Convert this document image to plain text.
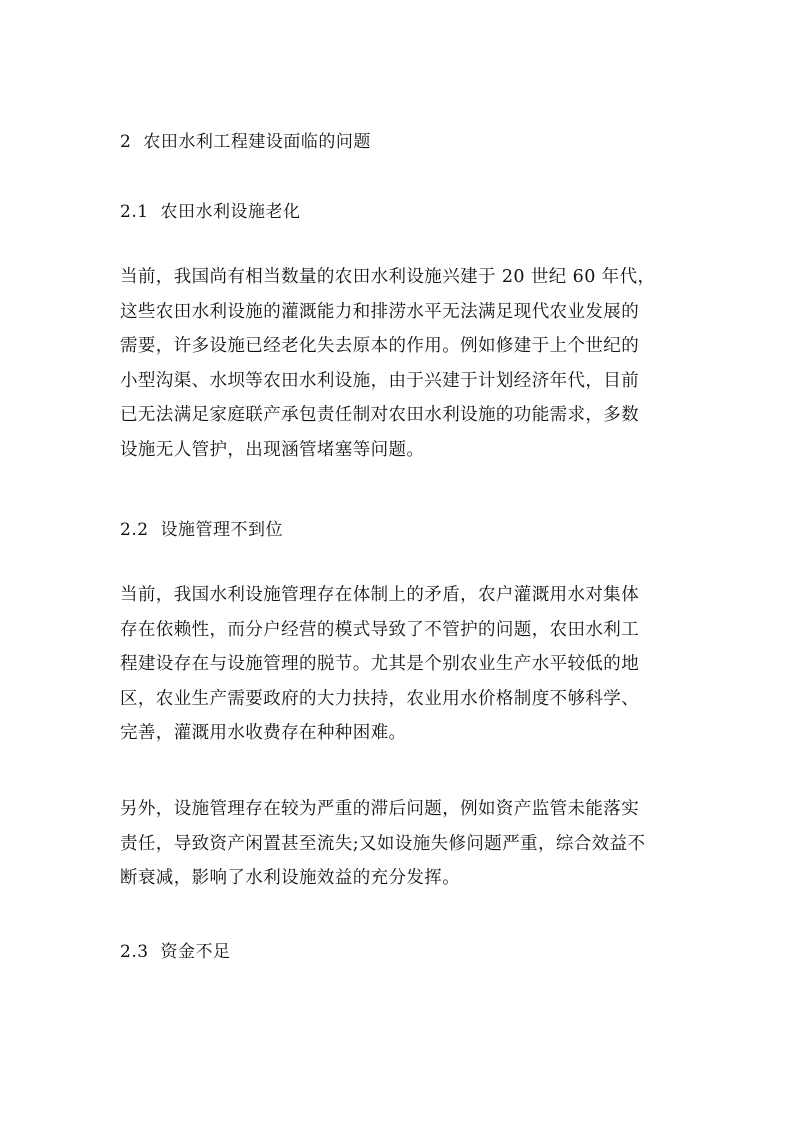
2 农田水利工程建设面临的问题
2.1 农田水利设施老化
当前，我国尚有相当数量的农田水利设施兴建于 20 世纪 60 年代，
这些农田水利设施的灌溉能力和排涝水平无法满足现代农业发展的
需要，许多设施已经老化失去原本的作用。例如修建于上个世纪的
小型沟渠、水坝等农田水利设施，由于兴建于计划经济年代，目前
已无法满足家庭联产承包责任制对农田水利设施的功能需求，多数
设施无人管护，出现涵管堵塞等问题。
2.2 设施管理不到位
当前，我国水利设施管理存在体制上的矛盾，农户灌溉用水对集体
存在依赖性，而分户经营的模式导致了不管护的问题，农田水利工
程建设存在与设施管理的脱节。尤其是个别农业生产水平较低的地
区，农业生产需要政府的大力扶持，农业用水价格制度不够科学、
完善，灌溉用水收费存在种种困难。
另外，设施管理存在较为严重的滞后问题，例如资产监管未能落实
责任，导致资产闲置甚至流失;又如设施失修问题严重，综合效益不
断衰减，影响了水利设施效益的充分发挥。
2.3 资金不足
